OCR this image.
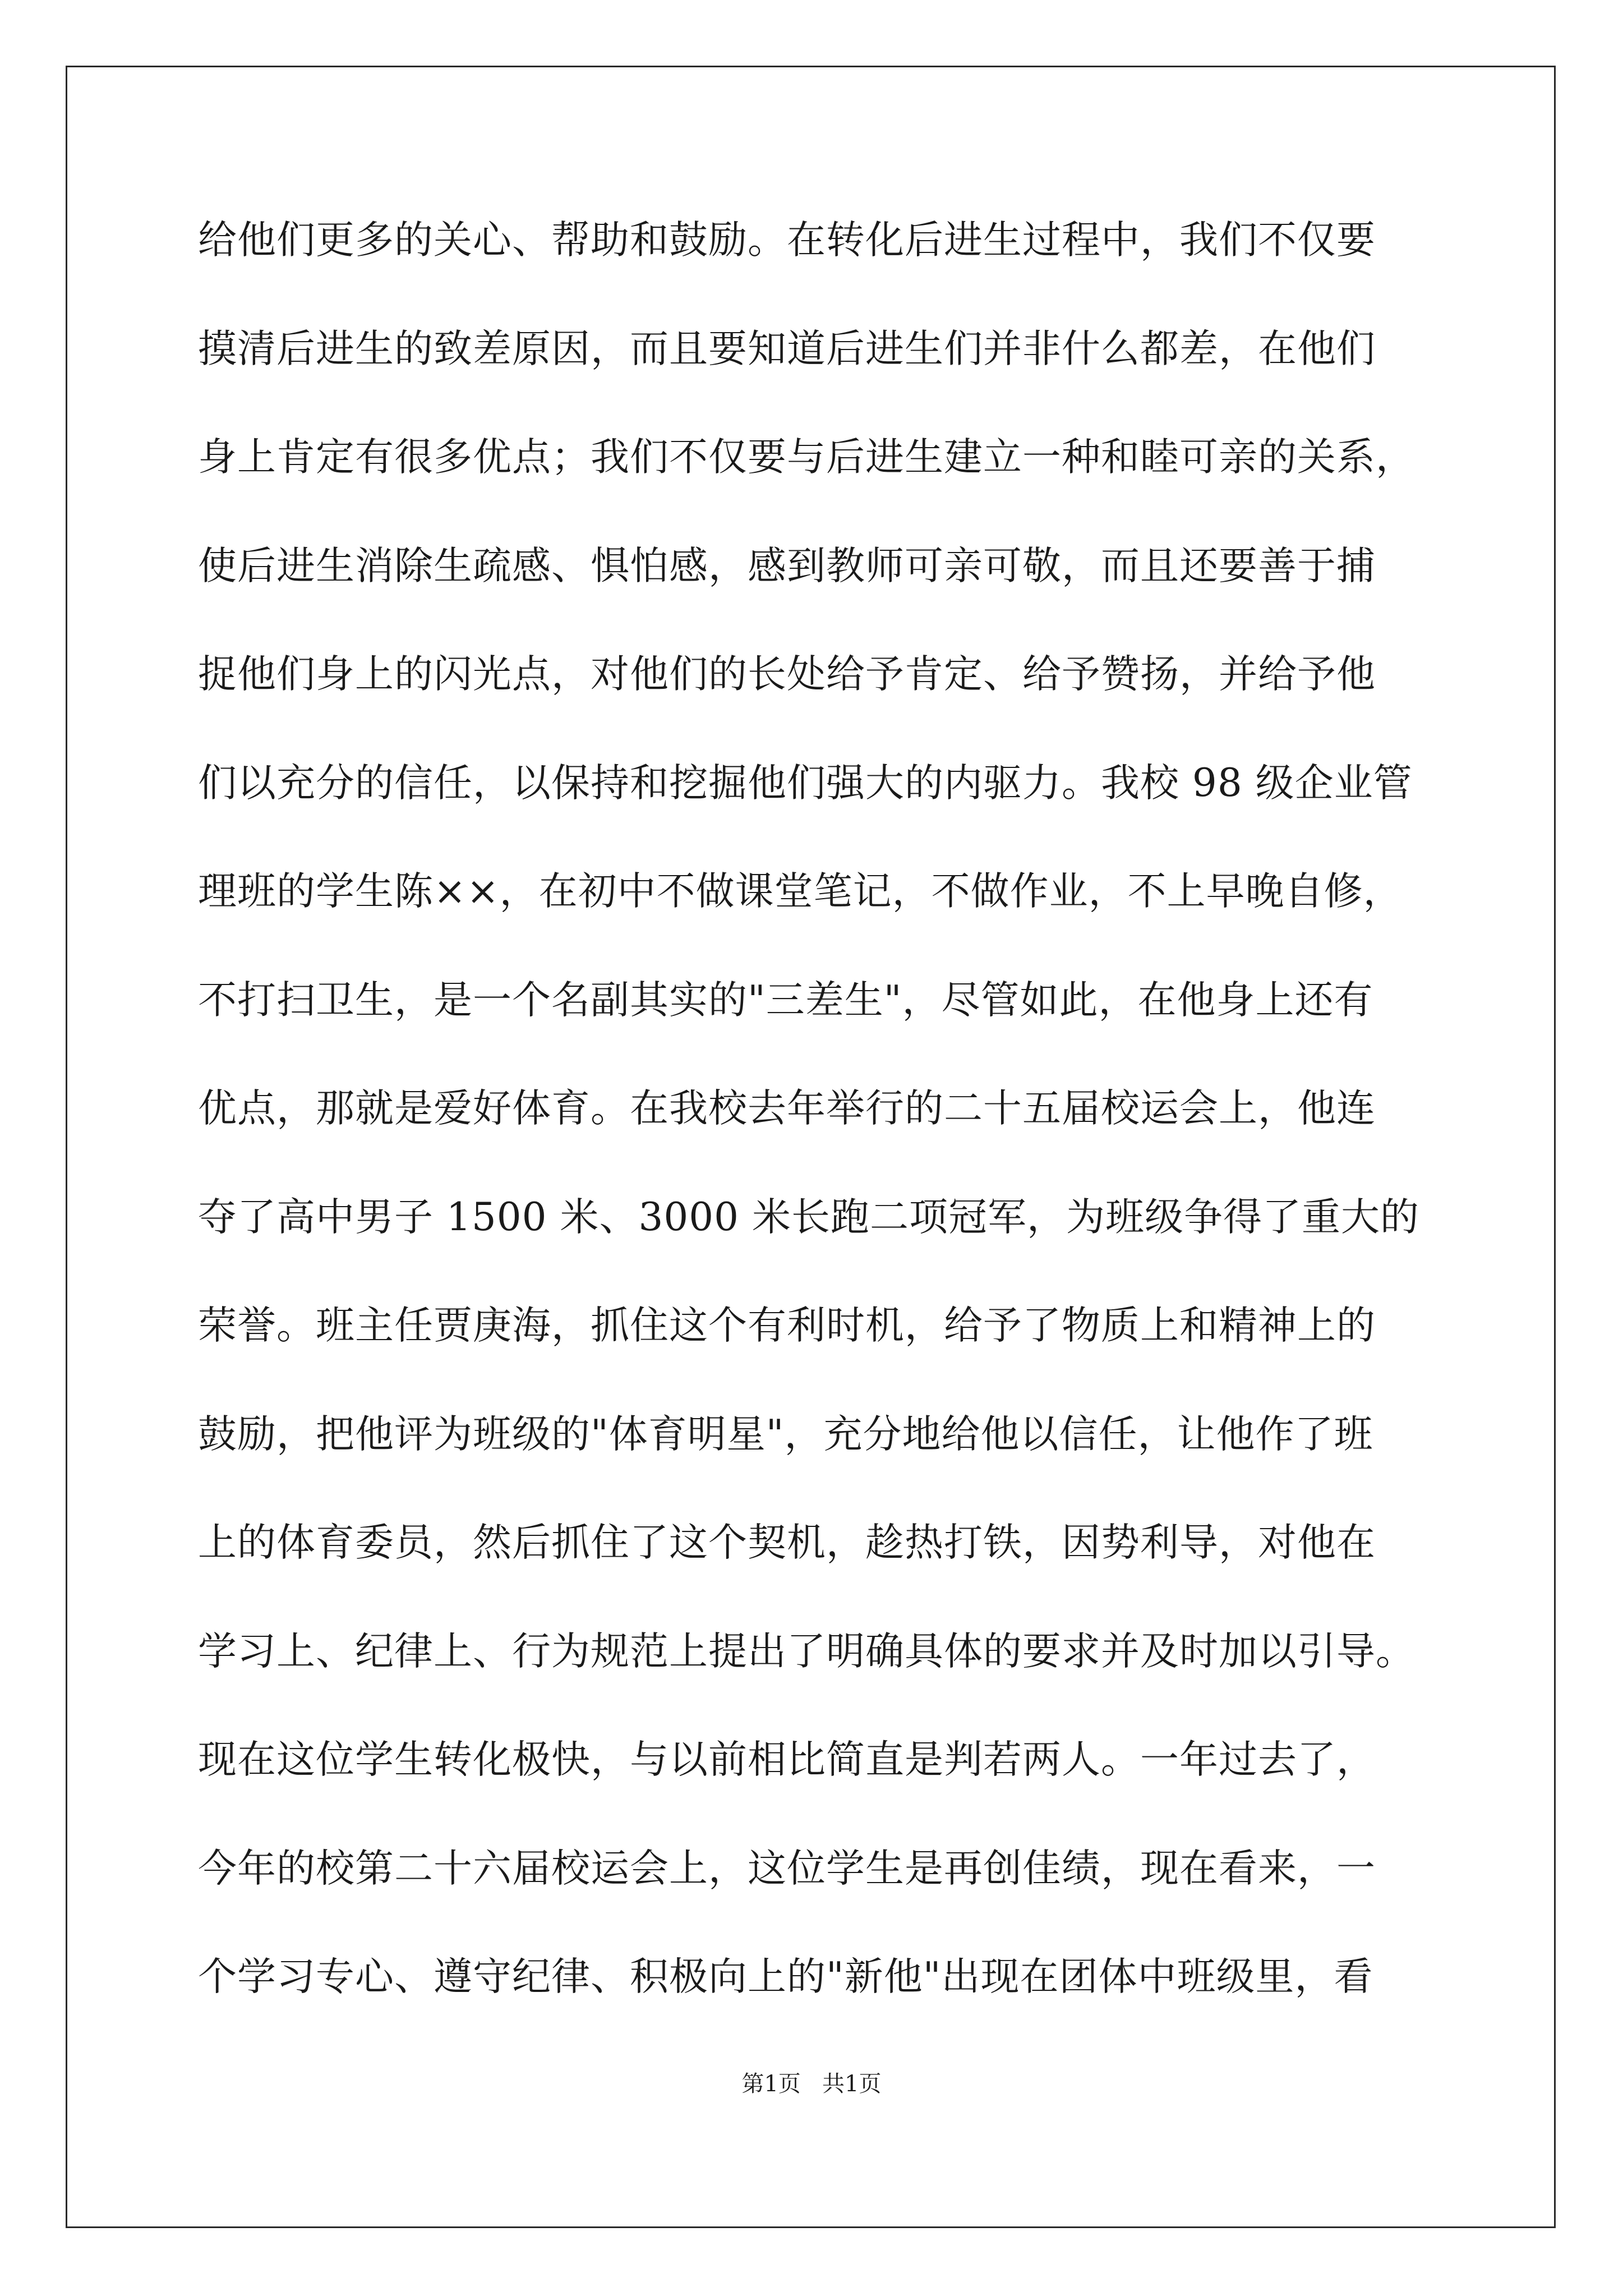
给他们更多的关心、帮助和鼓励。在转化后进生过程中，我们不仅要
摸清后进生的致差原因，而且要知道后进生们并非什么都差，在他们
身上肯定有很多优点；我们不仅要与后进生建立一种和睦可亲的关系，
使后进生消除生疏感、惧怕感，感到教师可亲可敬，而且还要善于捕
捉他们身上的闪光点，对他们的长处给予肯定、给予赞扬，并给予他
们以充分的信任，以保持和挖掘他们强大的内驱力。我校 98 级企业管
理班的学生陈××，在初中不做课堂笔记，不做作业，不上早晚自修，
不打扫卫生，是一个名副其实的"三差生"，尽管如此，在他身上还有
优点，那就是爱好体育。在我校去年举行的二十五届校运会上，他连
夺了高中男子 1500 米、3000 米长跑二项冠军，为班级争得了重大的
荣誉。班主任贾庚海，抓住这个有利时机，给予了物质上和精神上的
鼓励，把他评为班级的"体育明星"，充分地给他以信任，让他作了班
上的体育委员，然后抓住了这个契机，趁热打铁，因势利导，对他在
学习上、纪律上、行为规范上提出了明确具体的要求并及时加以引导。
现在这位学生转化极快，与以前相比简直是判若两人。一年过去了，
今年的校第二十六届校运会上，这位学生是再创佳绩，现在看来，一
个学习专心、遵守纪律、积极向上的"新他"出现在团体中班级里，看
第1页   共1页
